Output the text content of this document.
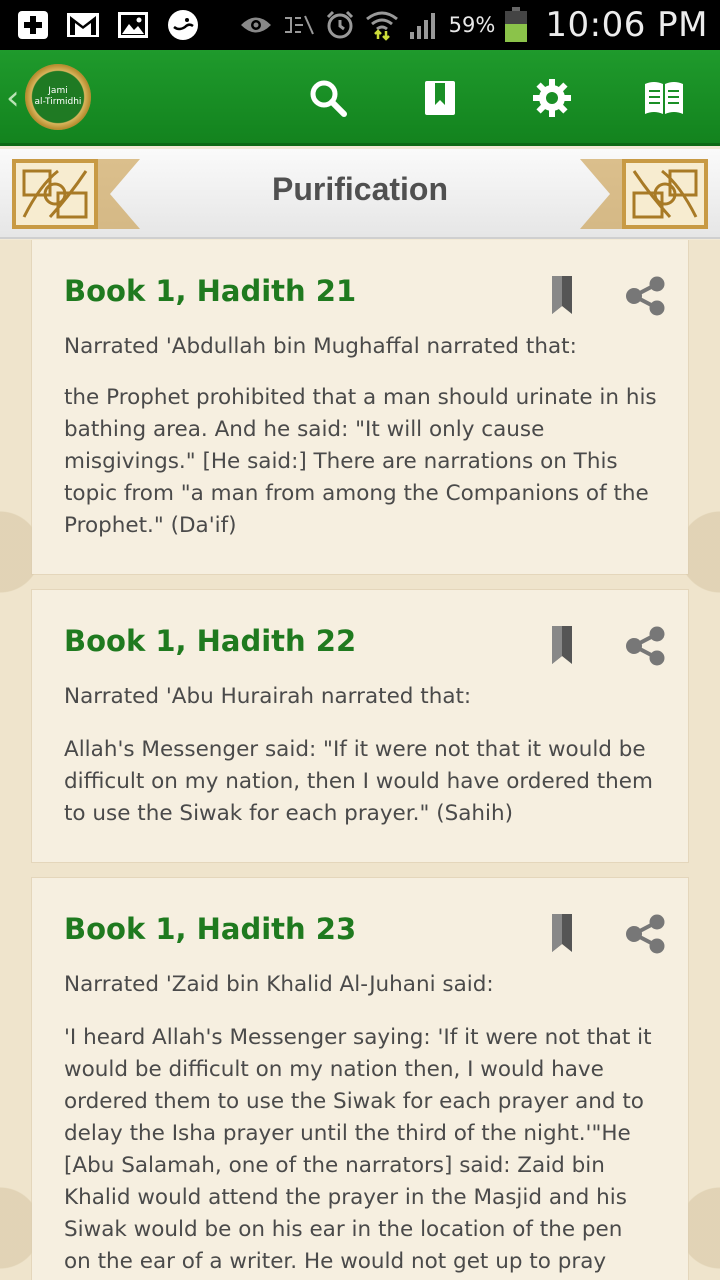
59% 10:06 PM
‹	Jami
al-Tirmidhi
Purification
Book 1, Hadith 21
Narrated 'Abdullah bin Mughaffal narrated that:
the Prophet prohibited that a man should urinate in his
bathing area. And he said: "It will only cause
misgivings." [He said:] There are narrations on This
topic from "a man from among the Companions of the
Prophet." (Da'if)
Book 1, Hadith 22
Narrated 'Abu Hurairah narrated that:
Allah's Messenger said: "If it were not that it would be
difficult on my nation, then I would have ordered them
to use the Siwak for each prayer." (Sahih)
Book 1, Hadith 23
Narrated 'Zaid bin Khalid Al-Juhani said:
'I heard Allah's Messenger saying: 'If it were not that it
would be difficult on my nation then, I would have
ordered them to use the Siwak for each prayer and to
delay the Isha prayer until the third of the night.'"He
[Abu Salamah, one of the narrators] said: Zaid bin
Khalid would attend the prayer in the Masjid and his
Siwak would be on his ear in the location of the pen
on the ear of a writer. He would not get up to pray
